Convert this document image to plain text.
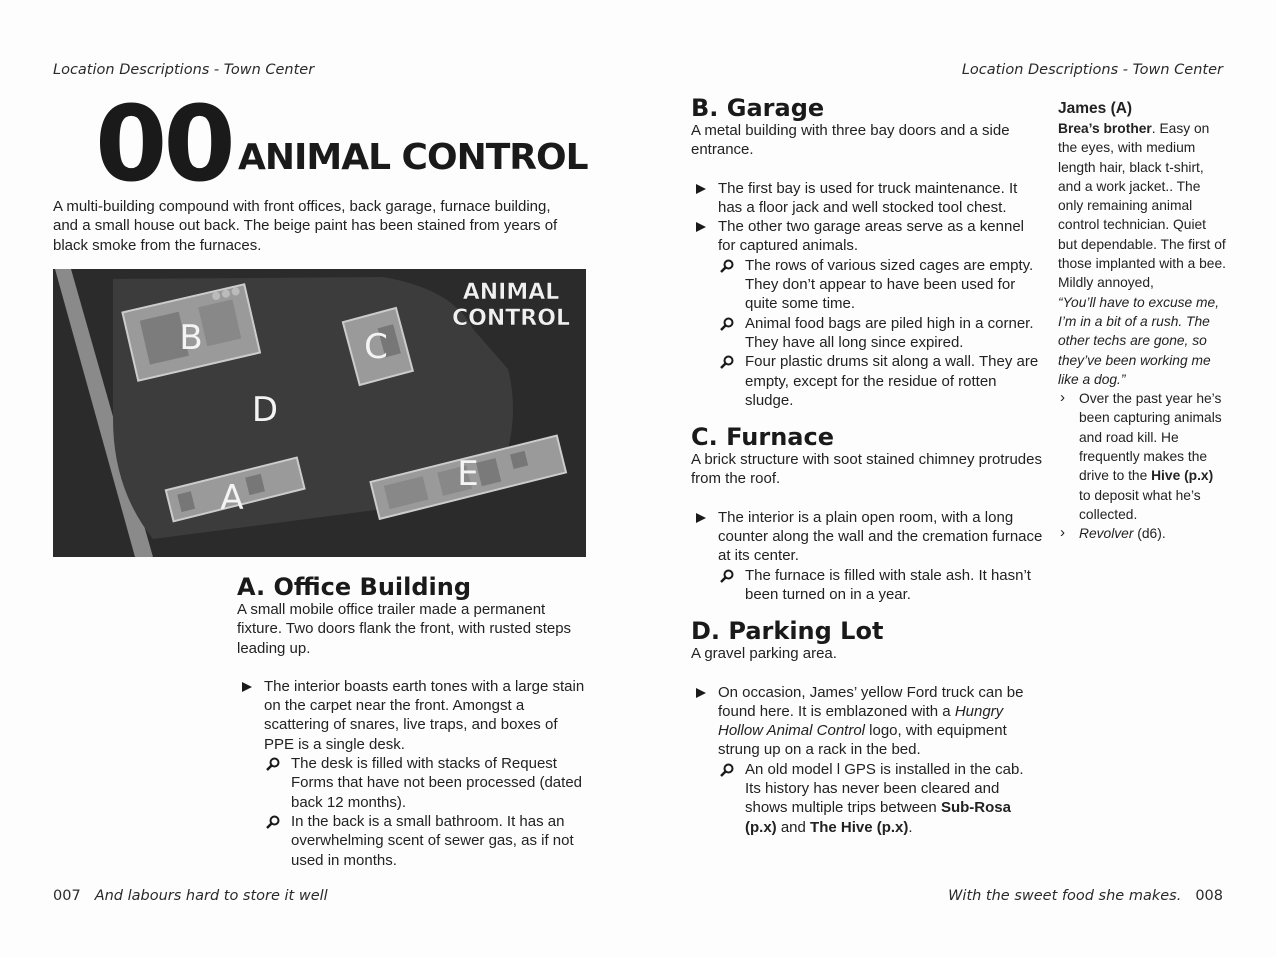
Location Descriptions - Town Center	Location Descriptions - Town Center
00 ANIMAL CONTROL
A multi-building compound with front offices, back garage, furnace building, and a small house out back. The beige paint has been stained from years of black smoke from the furnaces.
ANIMAL
CONTROL
B	C
D
A
E
A. Office Building
A small mobile office trailer made a permanent fixture. Two doors flank the front, with rusted steps leading up.
The interior boasts earth tones with a large stain on the carpet near the front. Amongst a scattering of snares, live traps, and boxes of PPE is a single desk.
The desk is filled with stacks of Request Forms that have not been processed (dated back 12 months).
In the back is a small bathroom. It has an overwhelming scent of sewer gas, as if not used in months.
007 And labours hard to store it well
B. Garage
A metal building with three bay doors and a side entrance.
The first bay is used for truck maintenance. It has a floor jack and well stocked tool chest.
The other two garage areas serve as a kennel for captured animals.
The rows of various sized cages are empty. They don’t appear to have been used for quite some time.
Animal food bags are piled high in a corner. They have all long since expired.
Four plastic drums sit along a wall. They are empty, except for the residue of rotten sludge.
C. Furnace
A brick structure with soot stained chimney protrudes from the roof.
The interior is a plain open room, with a long counter along the wall and the cremation furnace at its center.
The furnace is filled with stale ash. It hasn’t been turned on in a year.
D. Parking Lot
A gravel parking area.
On occasion, James’ yellow Ford truck can be found here. It is emblazoned with a Hungry Hollow Animal Control logo, with equipment strung up on a rack in the bed.
An old model l GPS is installed in the cab. Its history has never been cleared and shows multiple trips between Sub-Rosa (p.x) and The Hive (p.x).
James (A)
Brea’s brother. Easy on the eyes, with medium length hair, black t-shirt, and a work jacket.. The only remaining animal control technician. Quiet but dependable. The first of those implanted with a bee. Mildly annoyed,
“You’ll have to excuse me, I’m in a bit of a rush. The other techs are gone, so they’ve been working me like a dog.”
› Over the past year he’s been capturing animals and road kill. He frequently makes the drive to the Hive (p.x) to deposit what he’s collected.
› Revolver (d6).
With the sweet food she makes. 008
